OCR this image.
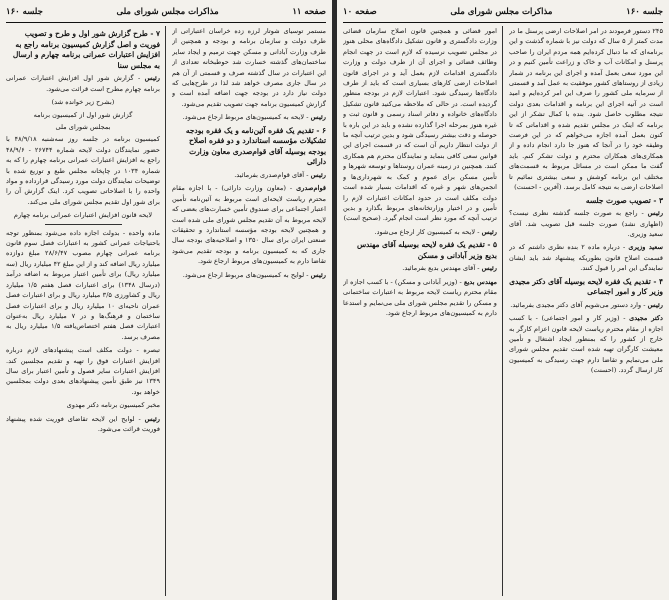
صفحه ۱۱
مذاکرات مجلس شورای ملی
جلسه ۱۶۰

مستمر توسیای شوتار لرزه زده خراسان اعتباراتی از طرف دولت و سازمان برنامه و بودجه و همچنین از طرف وزارت آبادانی و مسکن جهت ترمیم و ایجاد سایر ساختمان‌های گذشته خسارت شد حوطبخانه تعدادی از این اعتبارات در سال گذشته صرف و قسمتی از آن هم در سال جاری مصرف خواهد شد لذا در طرح‌هایی که دولت نیاز دارد در بودجه جهت اضافه آمده است و گزارش کمیسیون برنامه جهت تصویب تقدیم می‌شود.

رئیس - لایحه به کمیسیون‌های مربوط ارجاع می‌شود.

۶ - تقدیم یک فقره آئین‌نامه و یک فقره بودجه تشکیلات مؤسسه استاندارد و دو فقره اصلاح بودجه بوسیله آقای قوام‌صدری معاون وزارت دارائی

رئیس - آقای قوام‌صدری بفرمائید.

قوام‌صدری - (معاون وزارت دارائی) - با اجازه مقام محترم ریاست لایحه‌ای است مربوط به آئین‌نامه تأمین اعتبار اجتماعی برای صندوق تأمین خسارت‌های بعضی که لایحه مربوط به آن تقدیم مجلس شورای ملی شده است و همچنین لایحه بودجه مؤسسه استاندارد و تحقیقات صنعتی ایران برای سال ۱۳۵۰ و اصلاحیه‌های بودجه سال جاری که به کمیسیون برنامه و بودجه تقدیم می‌شود تقاضا دارم به کمیسیون‌های مربوط ارجاع شود.

رئیس - لوایح به کمیسیون‌های مربوط ارجاع می‌شود.

۷ - طرح گزارش شور اول و طرح و تصویب فوریت و اصل گزارش کمیسیون برنامه راجع به افزایش اعتبارات عمرانی برنامه چهارم و ارسال به مجلس سنا

رئیس - گزارش شور اول افزایش اعتبارات عمرانی برنامه چهارم مطرح است قرائت می‌شود.

(بشرح زیر خوانده شد)
گزارش شور اول از کمیسیون برنامه
بمجلس شورای ملی

کمیسیون برنامه در جلسه روز سه‌شنبه ۴۸/۹/۱۸ با حضور نمایندگان دولت لایحه شماره ۲۶۷۴۴ - ۴۸/۹/۶ راجع به افزایش اعتبارات عمرانی برنامه چهارم را که به شماره ۱۰۳۴ در چاپخانه مجلس طبع و توزیع شده با توضیحات نمایندگان دولت مورد رسیدگی قرارداده و مواد واحده را با اصلاحاتی تصویب کرد. اینک گزارش آن را برای شور اول تقدیم مجلس شورای ملی می‌کند.

لایحه قانون افزایش اعتبارات عمرانی برنامه چهارم

ماده واحده - بدولت اجازه داده می‌شود بمنظور توجه باحتیاجات عمرانی کشور به اعتبارات فصل سوم قانون برنامه عمرانی چهارم مصوب ۲۸/۶/۴۷ مبلغ دوازده میلیارد ریال اضافه کند و از این مبلغ ۴۲ میلیارد ریال (سه میلیارد ریال) برای تأمین اعتبار مربوط به اضافه درآمد (درسال ۱۳۴۸) برای اعتبارات فصل هفتم ۱/۵ میلیارد ریال و کشاورزی ۳/۵ میلیارد ریال و برای اعتبارات فصل عمران ناحیه‌ای ۱۰ میلیارد ریال و برای اعتبارات فصل ساختمان و فرهنگ‌ها و در ۷ میلیارد ریال به‌عنوان اعتبارات فصل هفتم اختصاص‌یافته ۱/۵ میلیارد ریال به مصرف برسد.

تبصره - دولت مکلف است پیشنهادهای لازم درباره افزایش اعتبارات فوق را تهیه و تقدیم مجلسین کند. افزایش اعتبارات سایر فصول و تأمین اعتبار برای سال ۱۳۴۹ نیز طبق تأمین پیشنهادهای بعدی دولت بمجلسین خواهد بود.

مخبر کمیسیون برنامه دکتر مهدوی

رئیس - لوایح این لایحه تقاضای فوریت شده پیشنهاد فوریت قرائت می‌شود.

جلسه ۱۶۰
مذاکرات مجلس شورای ملی
صفحه ۱۰

۲۴۵ دستور فرمودند در امر اصلاحات ارضی پرسنل ما در مدت کمتر از ۵ سال که دولت نیز با شماره گذشت و این برنامه‌ای که ما دنبال کرده‌ایم همه مردم ایران را صاحب پرسنل و امکانات آب و خاک و زراعت تأمین کنیم و در این مورد سعی بعمل آمده و اجرای این برنامه در شمار زیادی از روستاهای کشور موفقیت به عمل آمد و قسمتی از سرمایه ملی کشور را صرف این امر کرده‌ایم و امید است در آتیه اجرای این برنامه و اقدامات بعدی دولت نتیجه مطلوب حاصل شود. بنده با کمال تشکر از این برنامه که اینک در مجلس تقدیم شده و اقداماتی که تا کنون بعمل آمده اجازه می‌خواهم که در این فرصت وظیفه خود را در آنجا که هنوز جا دارد انجام داده و از همکاری‌های همکاران محترم و دولت تشکر کنم. باید گفت ما ممکن است در مسائل مربوط به قسمت‌های مختلف این برنامه کوشش و سعی بیشتری نمائیم تا اصلاحات ارضی به نتیجه کامل برسد. (آفرین - احسنت)

۳ - تصویب صورت جلسه

رئیس - راجع به صورت جلسه گذشته نظری نیست؟ (اظهاری نشد) صورت جلسه قبل تصویب شد. آقای سعید وزیری.

سعید وزیری - درباره ماده ۲ بنده نظری داشتم که در قسمت اصلاح قانون بطوریکه پیشنهاد شد باید ایشان نمایندگی این امر را قبول کنند.

۴ - تقدیم یک فقره لایحه بوسیله آقای دکتر مجیدی وزیر کار و امور اجتماعی

رئیس - وارد دستور می‌شویم آقای دکتر مجیدی بفرمائید.

دکتر مجیدی - (وزیر کار و امور اجتماعی) - با کسب اجازه از مقام محترم ریاست لایحه قانون اعزام کارگر به خارج از کشور را که بمنظور ایجاد اشتغال و تأمین معیشت کارگران تهیه شده است تقدیم مجلس شورای ملی می‌نمایم و تقاضا دارم جهت رسیدگی به کمیسیون کار ارسال گردد. (احسنت)

امور قضائی و همچنین قانون اصلاح سازمان قضائی وزارت دادگستری و قانون تشکیل دادگاه‌های محلی هنوز در مجلس تصویب نرسیده که لازم است در جهت انجام وظائف قضائی و اجرای آن از طرف دولت و وزارت دادگستری اقدامات لازم بعمل آید و در اجرای قانون اصلاحات ارضی کارهای بسیاری است که باید از طرف دادگاه‌ها رسیدگی شود. اعتبارات لازم در بودجه منظور گردیده است. در حالی که ملاحظه می‌کنید قانون تشکیل دادگاه‌های خانواده و دفاتر اسناد رسمی و قانون ثبت و غیره هنوز بمرحله اجرا گذارده نشده و باید در این باره با حوصله و دقت بیشتر رسیدگی شود و بدین ترتیب آنچه ما از دولت انتظار داریم آن است که در قسمت اجرای این قوانین سعی کافی بنماید و نمایندگان محترم هم همکاری کنند. همچنین در زمینه عمران روستاها و توسعه شهرها و تأمین مسکن برای عموم و کمک به شهرداری‌ها و انجمن‌های شهر و غیره که اقدامات بسیار شده است دولت مکلف است در حدود امکانات اعتبارات لازم را تأمین و در اختیار وزارتخانه‌های مربوط بگذارد و بدین ترتیب آنچه که مورد نظر است انجام گیرد. (صحیح است)

رئیس - لایحه به کمیسیون کار ارجاع می‌شود.

۵ - تقدیم یک فقره لایحه بوسیله آقای مهندس بدیع وزیر آبادانی و مسکن

رئیس - آقای مهندس بدیع بفرمائید.

مهندس بدیع - (وزیر آبادانی و مسکن) - با کسب اجازه از مقام محترم ریاست لایحه مربوط به اعتبارات ساختمانی و مسکن را تقدیم مجلس شورای ملی می‌نمایم و استدعا دارم به کمیسیون‌های مربوط ارجاع شود.
